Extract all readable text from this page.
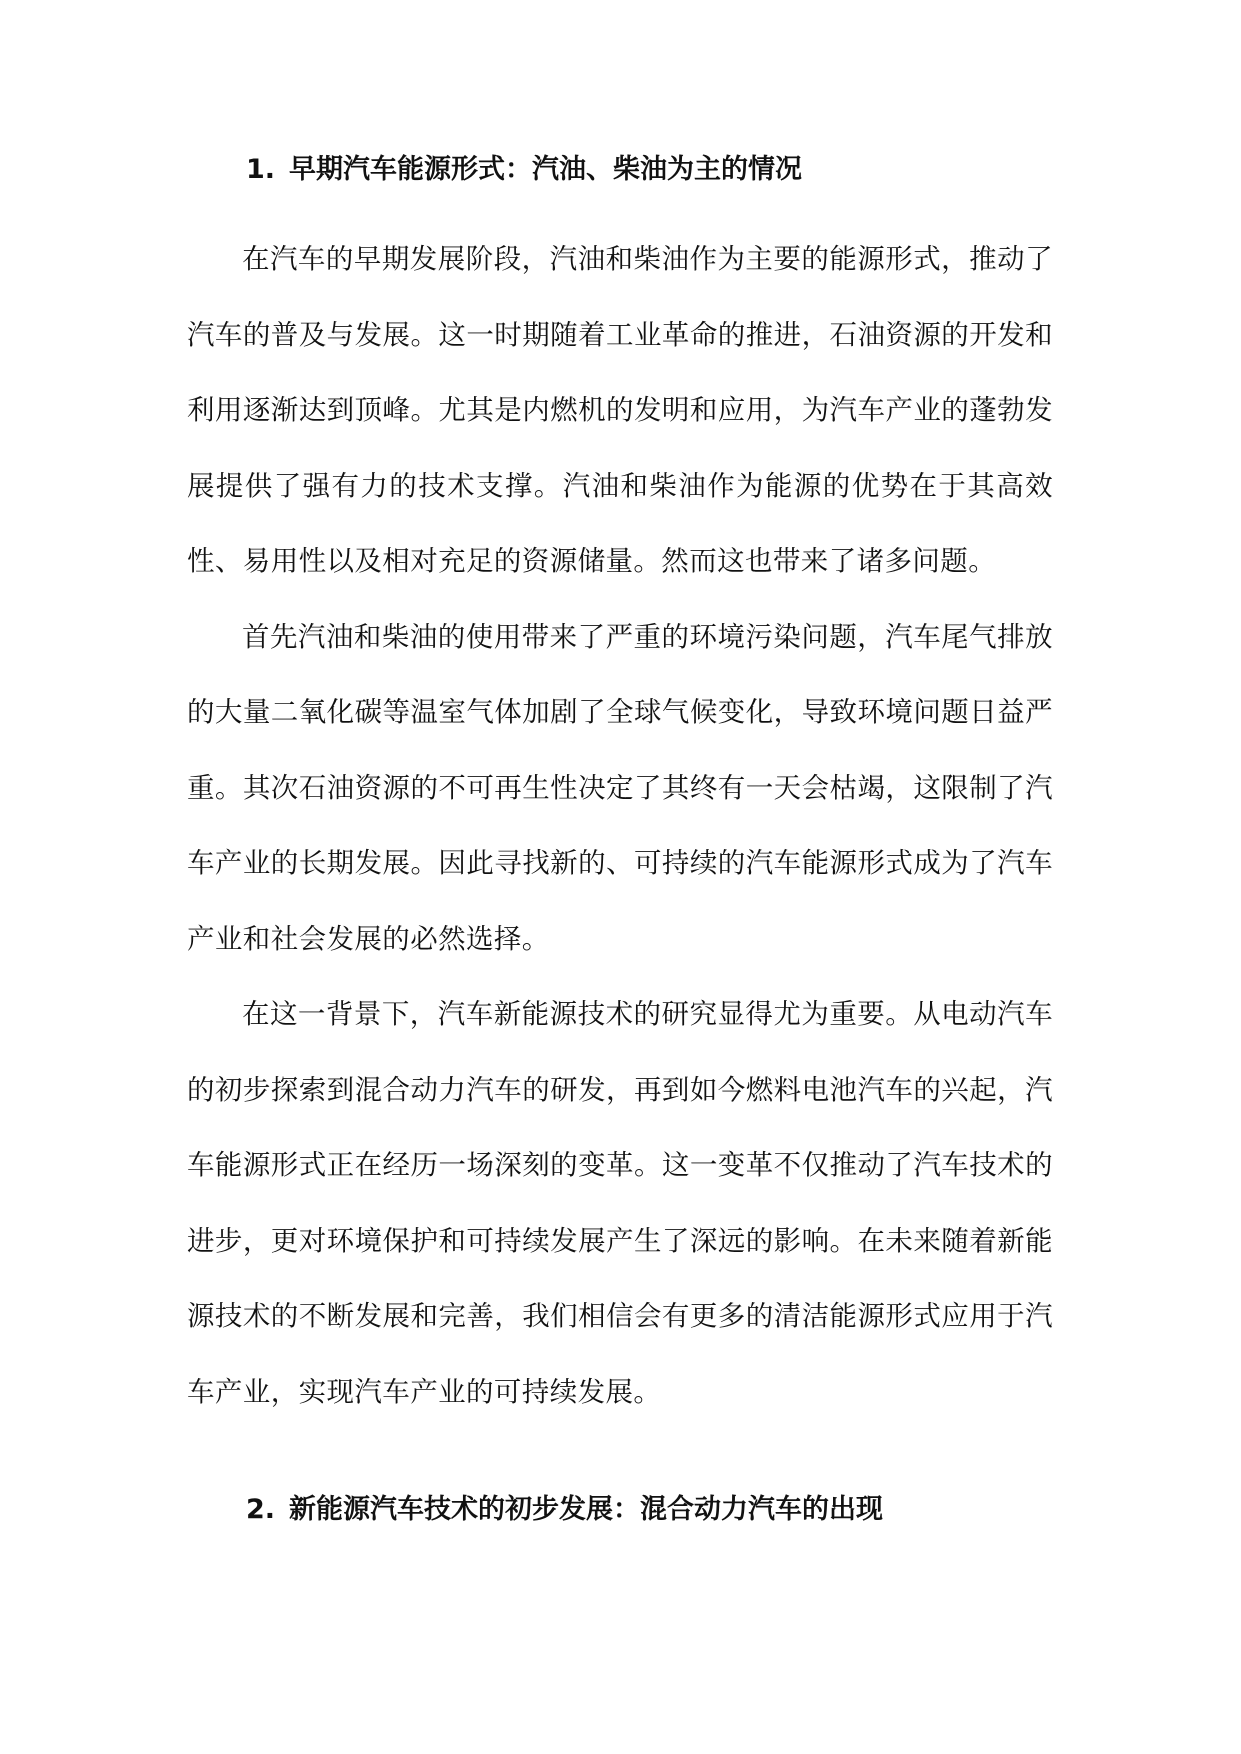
1. 早期汽车能源形式：汽油、柴油为主的情况

在汽车的早期发展阶段，汽油和柴油作为主要的能源形式，推动了汽车的普及与发展。这一时期随着工业革命的推进，石油资源的开发和利用逐渐达到顶峰。尤其是内燃机的发明和应用，为汽车产业的蓬勃发展提供了强有力的技术支撑。汽油和柴油作为能源的优势在于其高效性、易用性以及相对充足的资源储量。然而这也带来了诸多问题。

首先汽油和柴油的使用带来了严重的环境污染问题，汽车尾气排放的大量二氧化碳等温室气体加剧了全球气候变化，导致环境问题日益严重。其次石油资源的不可再生性决定了其终有一天会枯竭，这限制了汽车产业的长期发展。因此寻找新的、可持续的汽车能源形式成为了汽车产业和社会发展的必然选择。

在这一背景下，汽车新能源技术的研究显得尤为重要。从电动汽车的初步探索到混合动力汽车的研发，再到如今燃料电池汽车的兴起，汽车能源形式正在经历一场深刻的变革。这一变革不仅推动了汽车技术的进步，更对环境保护和可持续发展产生了深远的影响。在未来随着新能源技术的不断发展和完善，我们相信会有更多的清洁能源形式应用于汽车产业，实现汽车产业的可持续发展。

2. 新能源汽车技术的初步发展：混合动力汽车的出现
